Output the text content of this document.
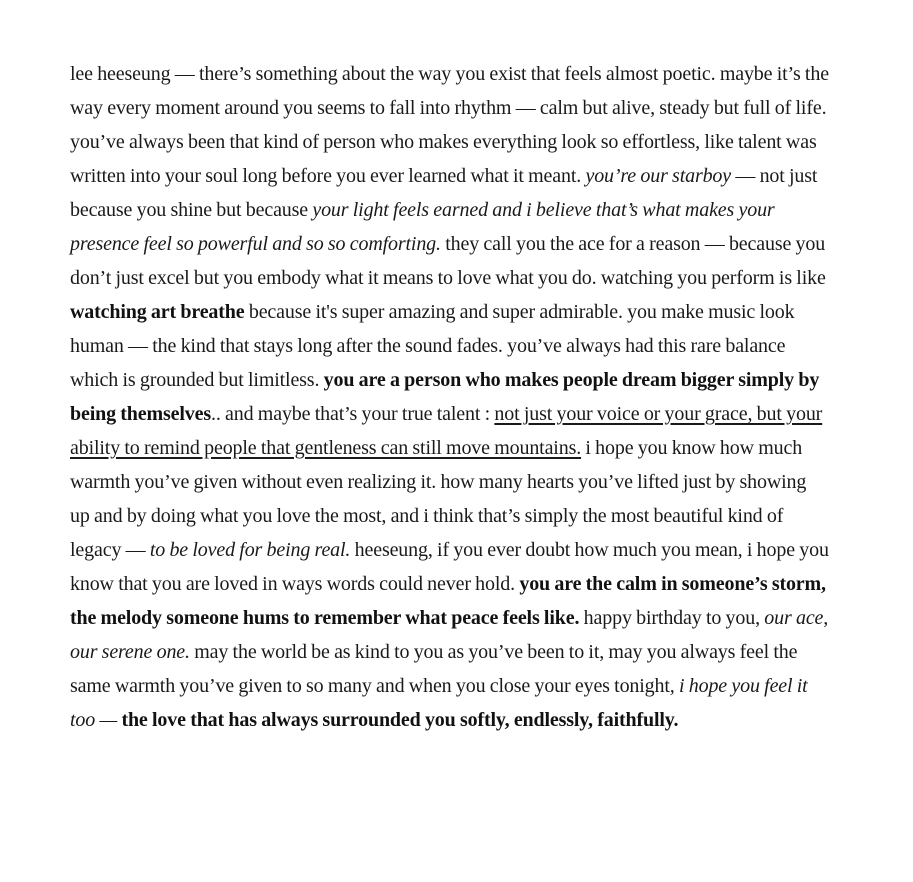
lee heeseung — there’s something about the way you exist that feels almost poetic. maybe it’s the way every moment around you seems to fall into rhythm — calm but alive, steady but full of life. you’ve always been that kind of person who makes everything look so effortless, like talent was written into your soul long before you ever learned what it meant. you’re our starboy — not just because you shine but because your light feels earned and i believe that’s what makes your presence feel so powerful and so so comforting. they call you the ace for a reason — because you don’t just excel but you embody what it means to love what you do. watching you perform is like watching art breathe because it's super amazing and super admirable. you make music look human — the kind that stays long after the sound fades. you’ve always had this rare balance which is grounded but limitless. you are a person who makes people dream bigger simply by being themselves.. and maybe that’s your true talent : not just your voice or your grace, but your ability to remind people that gentleness can still move mountains. i hope you know how much warmth you’ve given without even realizing it. how many hearts you’ve lifted just by showing up and by doing what you love the most, and i think that’s simply the most beautiful kind of legacy — to be loved for being real. heeseung, if you ever doubt how much you mean, i hope you know that you are loved in ways words could never hold. you are the calm in someone’s storm, the melody someone hums to remember what peace feels like. happy birthday to you, our ace, our serene one. may the world be as kind to you as you’ve been to it, may you always feel the same warmth you’ve given to so many and when you close your eyes tonight, i hope you feel it too — the love that has always surrounded you softly, endlessly, faithfully.
